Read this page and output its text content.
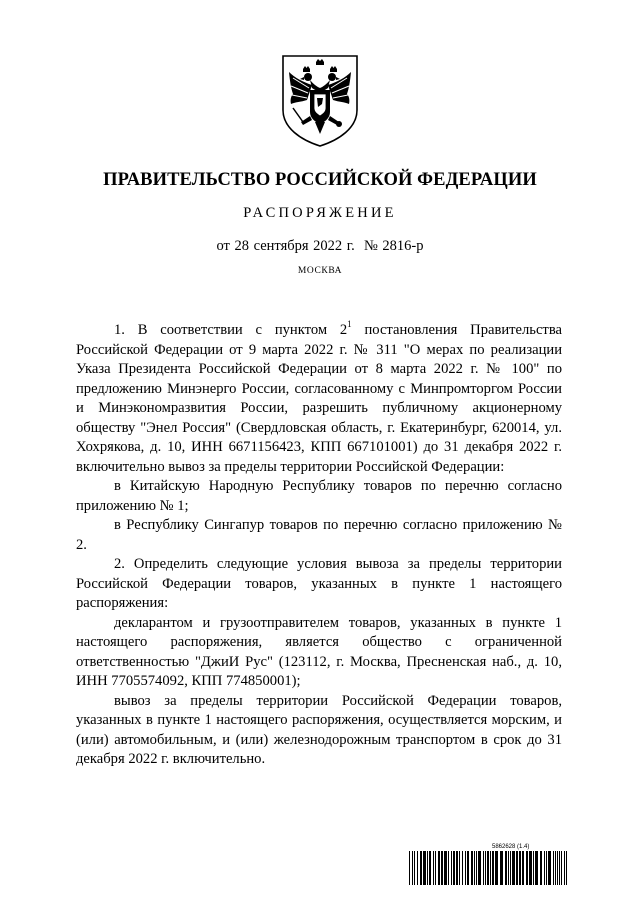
ПРАВИТЕЛЬСТВО РОССИЙСКОЙ ФЕДЕРАЦИИ
РАСПОРЯЖЕНИЕ
от 28 сентября 2022 г.  № 2816-р
МОСКВА

1. В соответствии с пунктом 2$^1$ постановления Правительства Российской Федерации от 9 марта 2022 г. № 311 "О мерах по реализации Указа Президента Российской Федерации от 8 марта 2022 г. № 100" по предложению Минэнерго России, согласованному с Минпромторгом России и Минэкономразвития России, разрешить публичному акционерному обществу "Энел Россия" (Свердловская область, г. Екатеринбург, 620014, ул. Хохрякова, д. 10, ИНН 6671156423, КПП 667101001) до 31 декабря 2022 г. включительно вывоз за пределы территории Российской Федерации:

в Китайскую Народную Республику товаров по перечню согласно приложению № 1;

в Республику Сингапур товаров по перечню согласно приложению № 2.

2. Определить следующие условия вывоза за пределы территории Российской Федерации товаров, указанных в пункте 1 настоящего распоряжения:

декларантом и грузоотправителем товаров, указанных в пункте 1 настоящего распоряжения, является общество с ограниченной ответственностью "ДжиИ Рус" (123112, г. Москва, Пресненская наб., д. 10, ИНН 7705574092, КПП 774850001);

вывоз за пределы территории Российской Федерации товаров, указанных в пункте 1 настоящего распоряжения, осуществляется морским, и (или) автомобильным, и (или) железнодорожным транспортом в срок до 31 декабря 2022 г. включительно.

5862628 (1.4)
